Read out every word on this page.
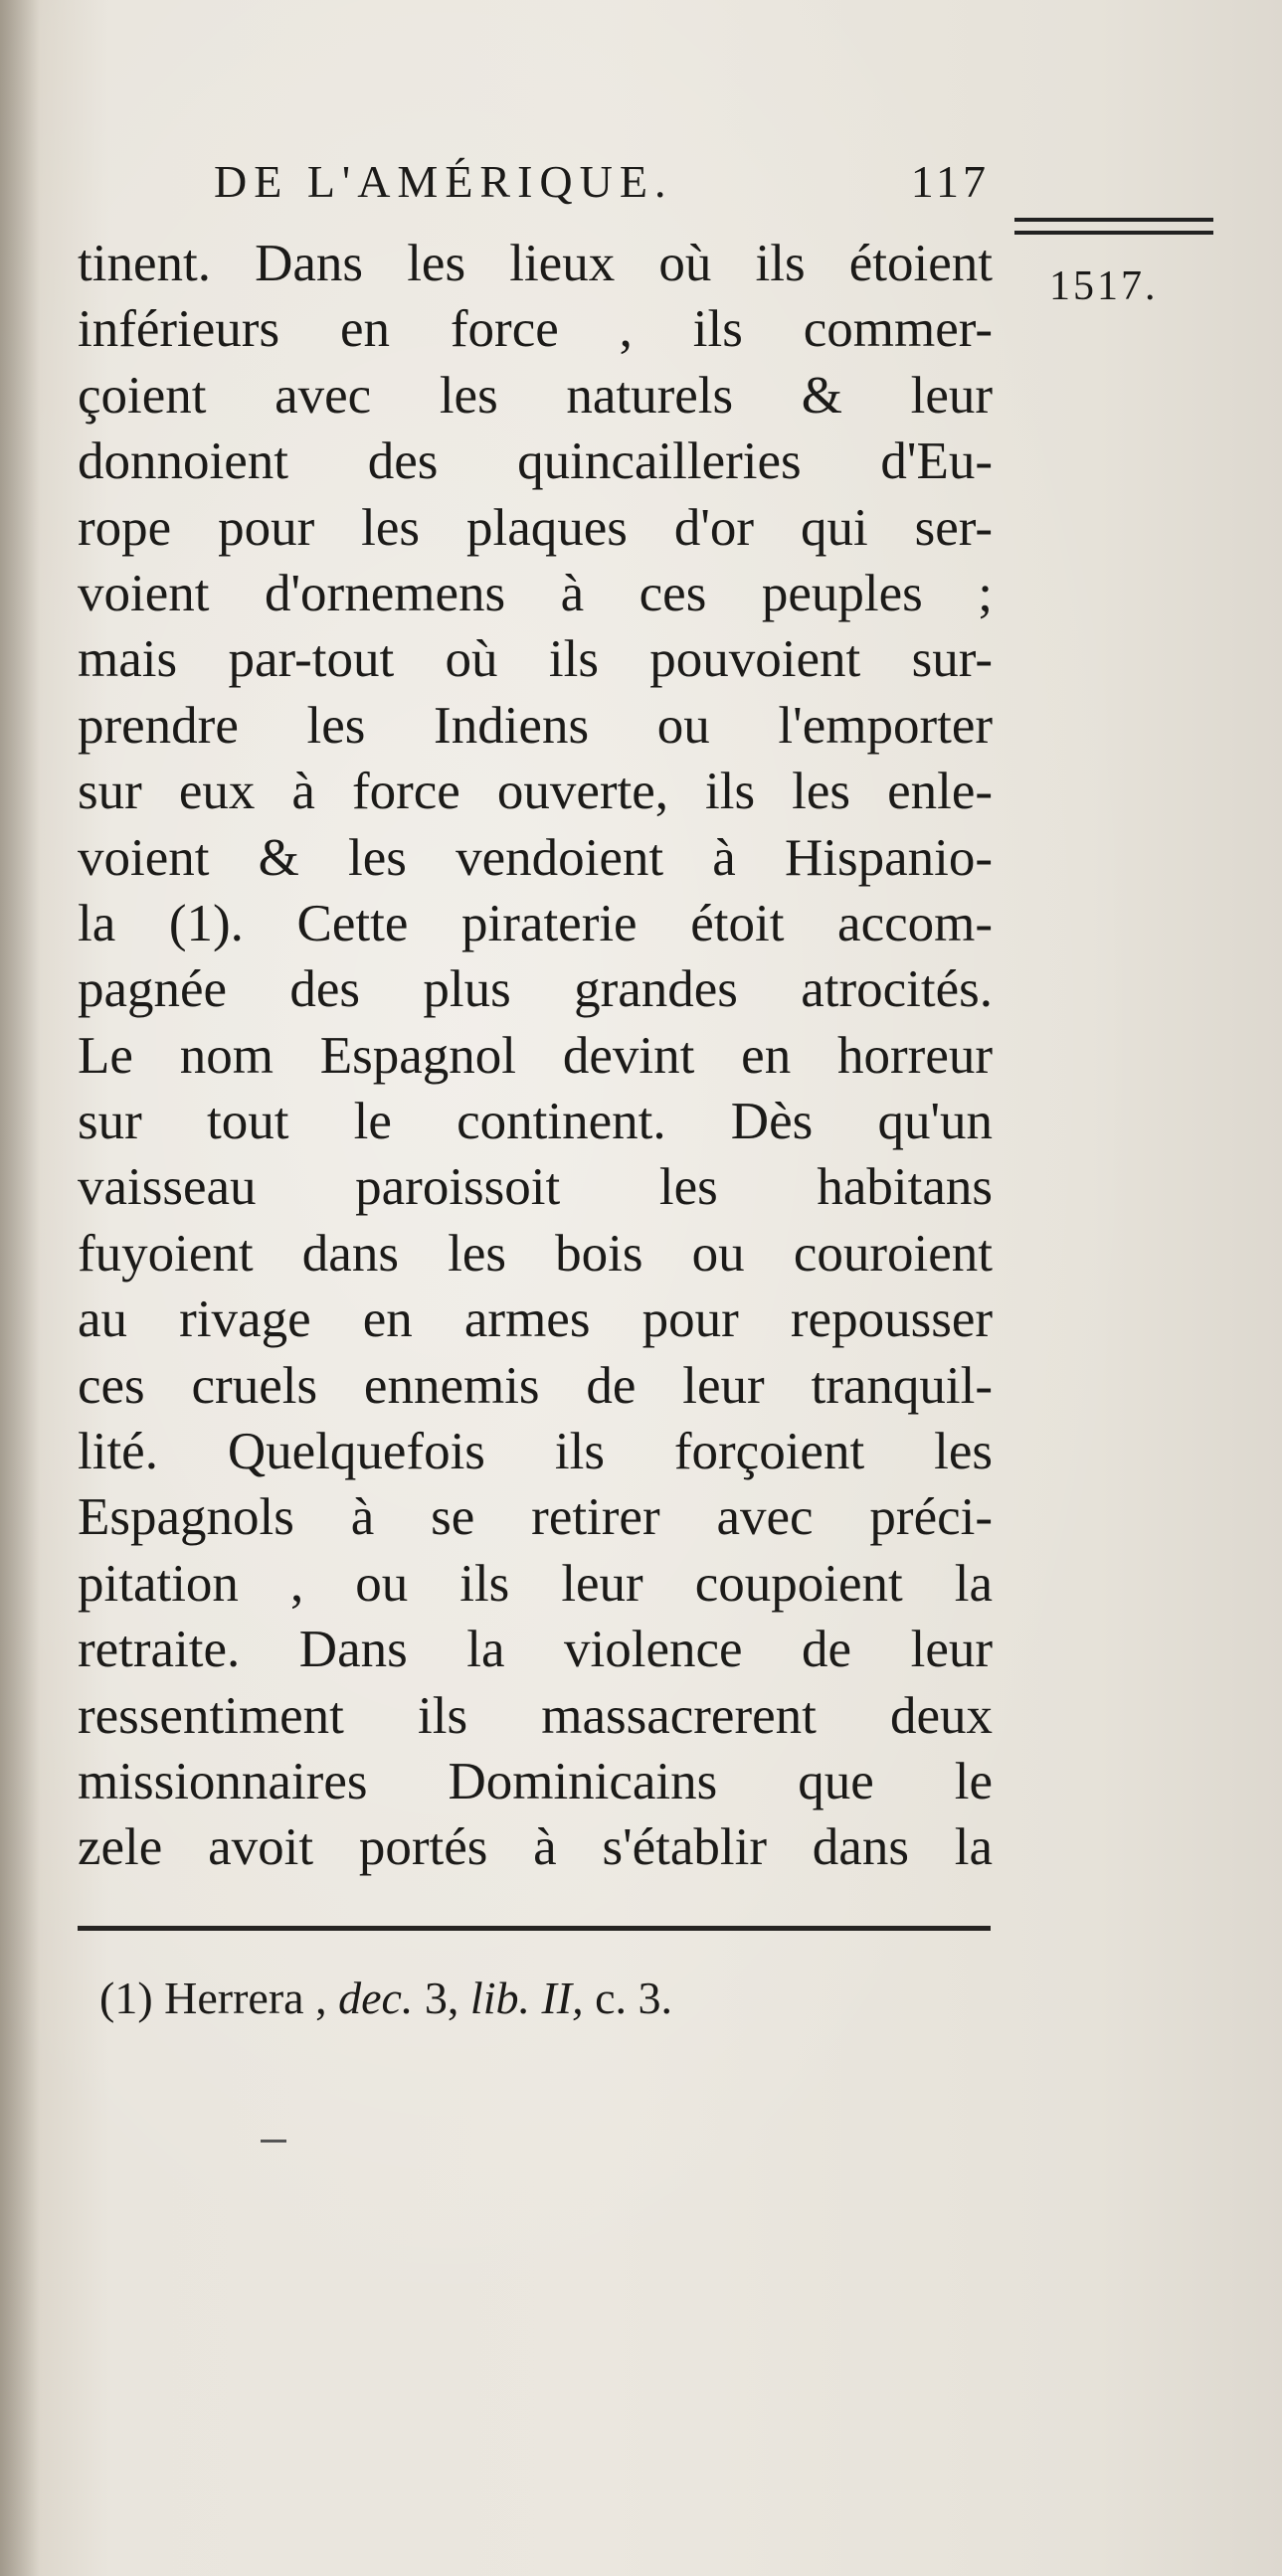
DE L'AMÉRIQUE.	117
1517.
tinent. Dans les lieux où ils étoient
inférieurs en force , ils commer-
çoient avec les naturels & leur
donnoient des quincailleries d'Eu-
rope pour les plaques d'or qui ser-
voient d'ornemens à ces peuples ;
mais par-tout où ils pouvoient sur-
prendre les Indiens ou l'emporter
sur eux à force ouverte, ils les enle-
voient & les vendoient à Hispanio-
la (1). Cette piraterie étoit accom-
pagnée des plus grandes atrocités.
Le nom Espagnol devint en horreur
sur tout le continent. Dès qu'un
vaisseau paroissoit les habitans
fuyoient dans les bois ou couroient
au rivage en armes pour repousser
ces cruels ennemis de leur tranquil-
lité. Quelquefois ils forçoient les
Espagnols à se retirer avec préci-
pitation , ou ils leur coupoient la
retraite. Dans la violence de leur
ressentiment ils massacrerent deux
missionnaires Dominicains que le
zele avoit portés à s'établir dans la
(1) Herrera , dec. 3, lib. II, c. 3.
